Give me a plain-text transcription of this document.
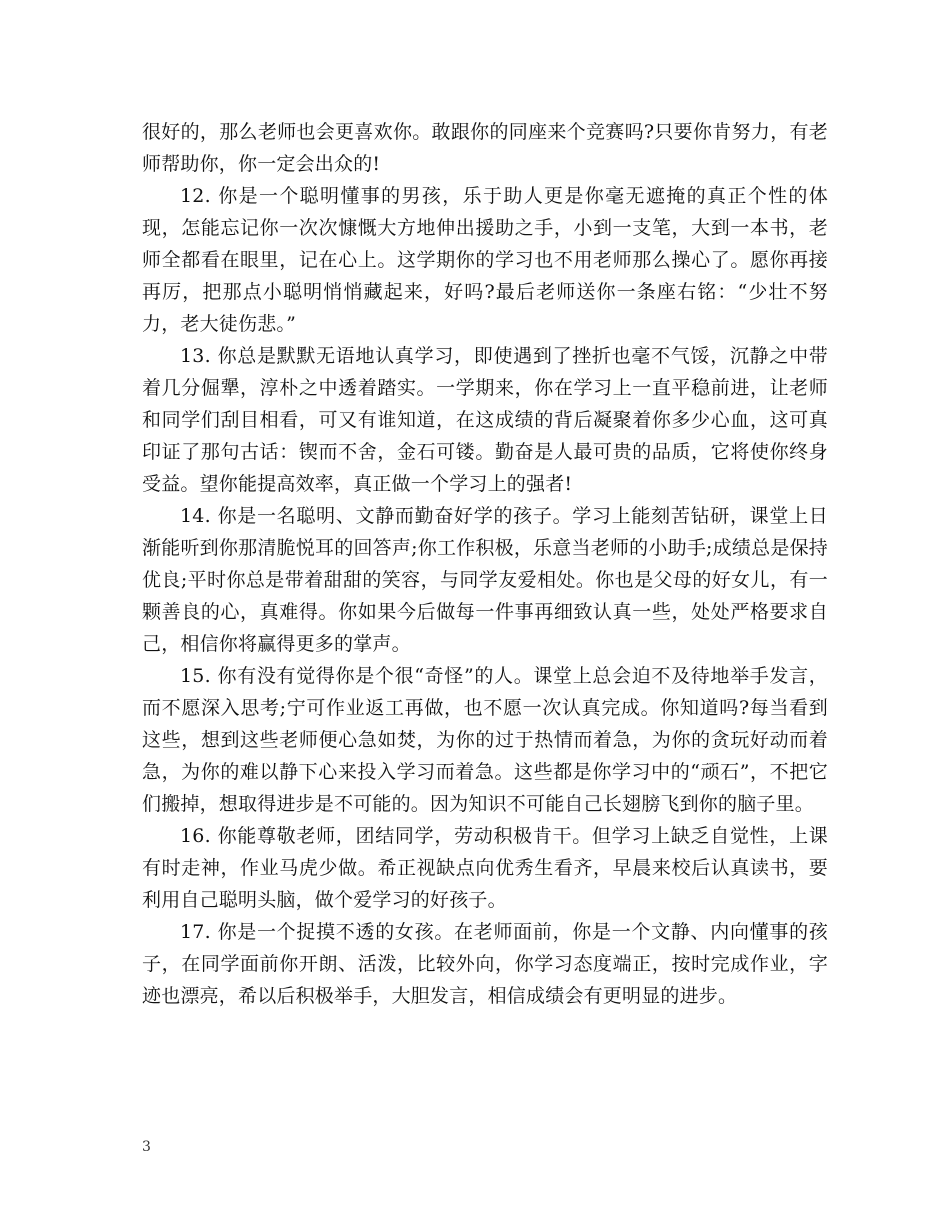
很好的，那么老师也会更喜欢你。敢跟你的同座来个竞赛吗?只要你肯努力，有老师帮助你，你一定会出众的!

12. 你是一个聪明懂事的男孩，乐于助人更是你毫无遮掩的真正个性的体现，怎能忘记你一次次慷慨大方地伸出援助之手，小到一支笔，大到一本书，老师全都看在眼里，记在心上。这学期你的学习也不用老师那么操心了。愿你再接再厉，把那点小聪明悄悄藏起来，好吗?最后老师送你一条座右铭：“少壮不努力，老大徒伤悲。”

13. 你总是默默无语地认真学习，即使遇到了挫折也毫不气馁，沉静之中带着几分倔犟，淳朴之中透着踏实。一学期来，你在学习上一直平稳前进，让老师和同学们刮目相看，可又有谁知道，在这成绩的背后凝聚着你多少心血，这可真印证了那句古话：锲而不舍，金石可镂。勤奋是人最可贵的品质，它将使你终身受益。望你能提高效率，真正做一个学习上的强者!

14. 你是一名聪明、文静而勤奋好学的孩子。学习上能刻苦钻研，课堂上日渐能听到你那清脆悦耳的回答声;你工作积极，乐意当老师的小助手;成绩总是保持优良;平时你总是带着甜甜的笑容，与同学友爱相处。你也是父母的好女儿，有一颗善良的心，真难得。你如果今后做每一件事再细致认真一些，处处严格要求自己，相信你将赢得更多的掌声。

15. 你有没有觉得你是个很“奇怪”的人。课堂上总会迫不及待地举手发言，而不愿深入思考;宁可作业返工再做，也不愿一次认真完成。你知道吗?每当看到这些，想到这些老师便心急如焚，为你的过于热情而着急，为你的贪玩好动而着急，为你的难以静下心来投入学习而着急。这些都是你学习中的“顽石”，不把它们搬掉，想取得进步是不可能的。因为知识不可能自己长翅膀飞到你的脑子里。

16. 你能尊敬老师，团结同学，劳动积极肯干。但学习上缺乏自觉性，上课有时走神，作业马虎少做。希正视缺点向优秀生看齐，早晨来校后认真读书，要利用自己聪明头脑，做个爱学习的好孩子。

17. 你是一个捉摸不透的女孩。在老师面前，你是一个文静、内向懂事的孩子，在同学面前你开朗、活泼，比较外向，你学习态度端正，按时完成作业，字迹也漂亮，希以后积极举手，大胆发言，相信成绩会有更明显的进步。

3
